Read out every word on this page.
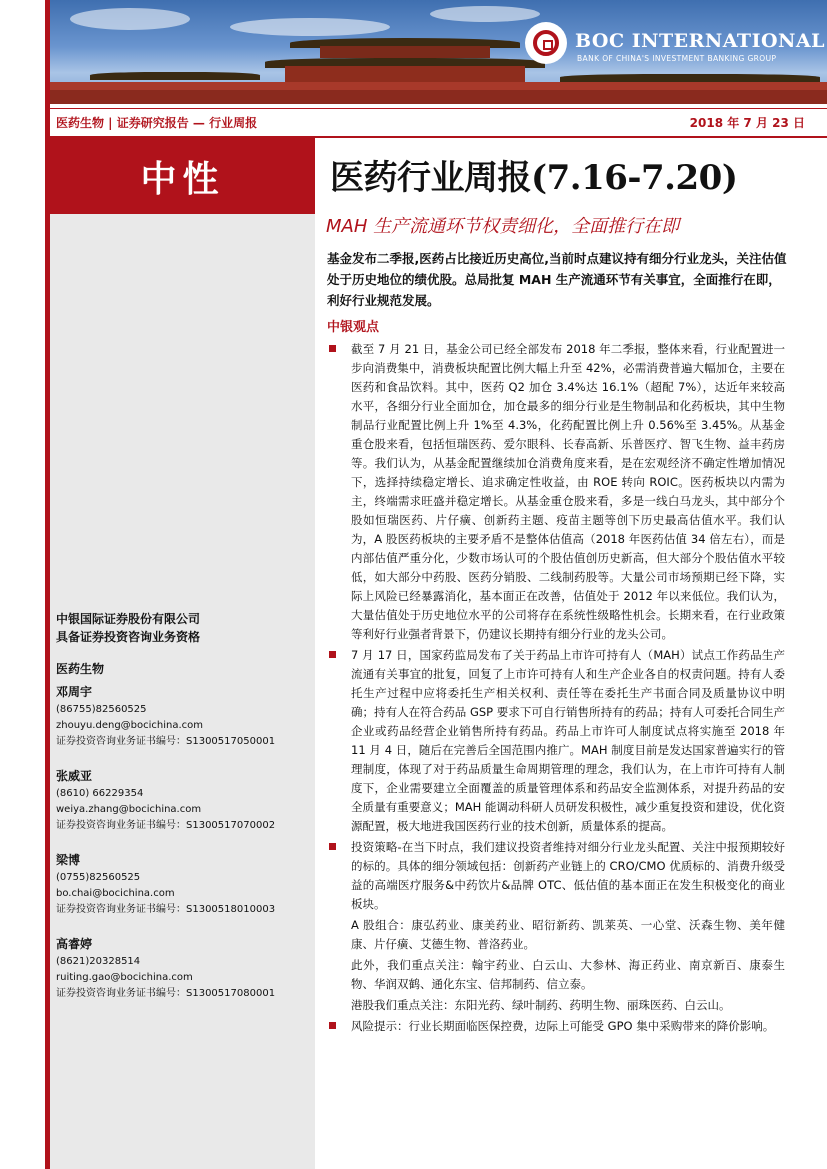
BOC INTERNATIONAL
BANK OF CHINA'S INVESTMENT BANKING GROUP
医药生物 | 证券研究报告 — 行业周报	2018 年 7 月 23 日
中性	医药行业周报(7.16-7.20)
MAH 生产流通环节权责细化，全面推行在即
基金发布二季报,医药占比接近历史高位,当前时点建议持有细分行业龙头，关注估值处于历史地位的绩优股。总局批复 MAH 生产流通环节有关事宜，全面推行在即，利好行业规范发展。
中银观点
截至 7 月 21 日，基金公司已经全部发布 2018 年二季报，整体来看，行业配置进一步向消费集中，消费板块配置比例大幅上升至 42%，必需消费普遍大幅加仓，主要在医药和食品饮料。其中，医药 Q2 加仓 3.4%达 16.1%（超配 7%），达近年来较高水平，各细分行业全面加仓，加仓最多的细分行业是生物制品和化药板块，其中生物制品行业配置比例上升 1%至 4.3%，化药配置比例上升 0.56%至 3.45%。从基金重仓股来看，包括恒瑞医药、爱尔眼科、长春高新、乐普医疗、智飞生物、益丰药房等。我们认为，从基金配置继续加仓消费角度来看，是在宏观经济不确定性增加情况下，选择持续稳定增长、追求确定性收益，由 ROE 转向 ROIC。医药板块以内需为主，终端需求旺盛并稳定增长。从基金重仓股来看，多是一线白马龙头，其中部分个股如恒瑞医药、片仔癀、创新药主题、疫苗主题等创下历史最高估值水平。我们认为，A 股医药板块的主要矛盾不是整体估值高（2018 年医药估值 34 倍左右），而是内部估值严重分化，少数市场认可的个股估值创历史新高，但大部分个股估值水平较低，如大部分中药股、医药分销股、二线制药股等。大量公司市场预期已经下降，实际上风险已经暴露消化，基本面正在改善，估值处于 2012 年以来低位。我们认为，大量估值处于历史地位水平的公司将存在系统性级略性机会。长期来看，在行业政策等利好行业强者背景下，仍建议长期持有细分行业的龙头公司。
7 月 17 日，国家药监局发布了关于药品上市许可持有人（MAH）试点工作药品生产流通有关事宜的批复，回复了上市许可持有人和生产企业各自的权责问题。持有人委托生产过程中应将委托生产相关权利、责任等在委托生产书面合同及质量协议中明确；持有人在符合药品 GSP 要求下可自行销售所持有的药品；持有人可委托合同生产企业或药品经营企业销售所持有药品。药品上市许可人制度试点将实施至 2018 年 11 月 4 日，随后在完善后全国范围内推广。MAH 制度目前是发达国家普遍实行的管理制度，体现了对于药品质量生命周期管理的理念，我们认为，在上市许可持有人制度下，企业需要建立全面覆盖的质量管理体系和药品安全监测体系，对提升药品的安全质量有重要意义；MAH 能调动科研人员研发积极性，减少重复投资和建设，优化资源配置，极大地进我国医药行业的技术创新，质量体系的提高。
投资策略-在当下时点，我们建议投资者维持对细分行业龙头配置、关注中报预期较好的标的。具体的细分领域包括：创新药产业链上的 CRO/CMO 优质标的、消费升级受益的高端医疗服务&中药饮片&品牌 OTC、低估值的基本面正在发生积极变化的商业板块。
A 股组合：康弘药业、康美药业、昭衍新药、凯莱英、一心堂、沃森生物、美年健康、片仔癀、艾德生物、普洛药业。
此外，我们重点关注：翰宇药业、白云山、大参林、海正药业、南京新百、康泰生物、华润双鹤、通化东宝、信邦制药、信立泰。
港股我们重点关注：东阳光药、绿叶制药、药明生物、丽珠医药、白云山。
风险提示：行业长期面临医保控费，边际上可能受 GPO 集中采购带来的降价影响。
中银国际证券股份有限公司
具备证券投资咨询业务资格
医药生物
邓周宇
(86755)82560525
zhouyu.deng@bocichina.com
证券投资咨询业务证书编号：S1300517050001
张威亚
(8610) 66229354
weiya.zhang@bocichina.com
证券投资咨询业务证书编号：S1300517070002
梁博
(0755)82560525
bo.chai@bocichina.com
证券投资咨询业务证书编号：S1300518010003
高睿婷
(8621)20328514
ruiting.gao@bocichina.com
证券投资咨询业务证书编号：S1300517080001
